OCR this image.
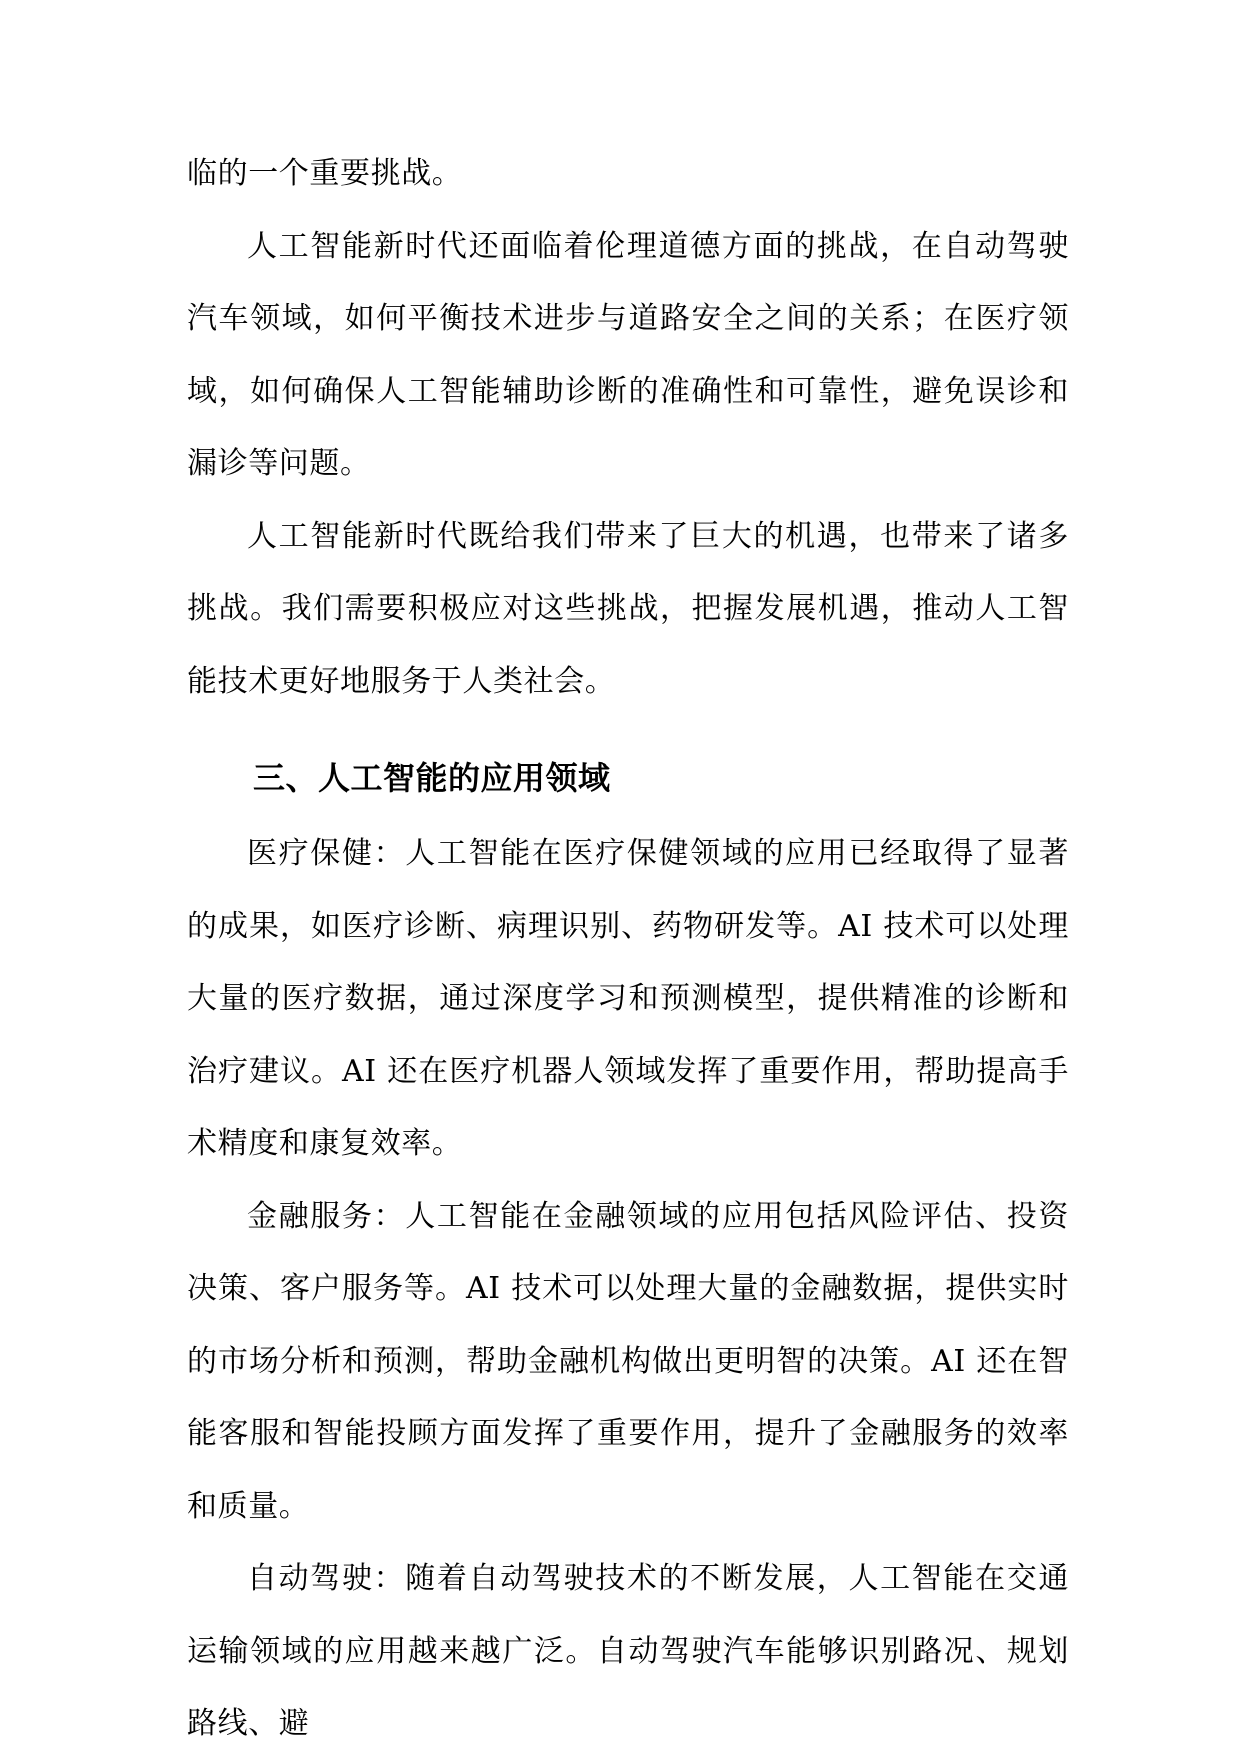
临的一个重要挑战。

人工智能新时代还面临着伦理道德方面的挑战，在自动驾驶汽车领域，如何平衡技术进步与道路安全之间的关系；在医疗领域，如何确保人工智能辅助诊断的准确性和可靠性，避免误诊和漏诊等问题。

人工智能新时代既给我们带来了巨大的机遇，也带来了诸多挑战。我们需要积极应对这些挑战，把握发展机遇，推动人工智能技术更好地服务于人类社会。

三、人工智能的应用领域

医疗保健：人工智能在医疗保健领域的应用已经取得了显著的成果，如医疗诊断、病理识别、药物研发等。AI 技术可以处理大量的医疗数据，通过深度学习和预测模型，提供精准的诊断和治疗建议。AI 还在医疗机器人领域发挥了重要作用，帮助提高手术精度和康复效率。

金融服务：人工智能在金融领域的应用包括风险评估、投资决策、客户服务等。AI 技术可以处理大量的金融数据，提供实时的市场分析和预测，帮助金融机构做出更明智的决策。AI 还在智能客服和智能投顾方面发挥了重要作用，提升了金融服务的效率和质量。

自动驾驶：随着自动驾驶技术的不断发展，人工智能在交通运输领域的应用越来越广泛。自动驾驶汽车能够识别路况、规划路线、避
